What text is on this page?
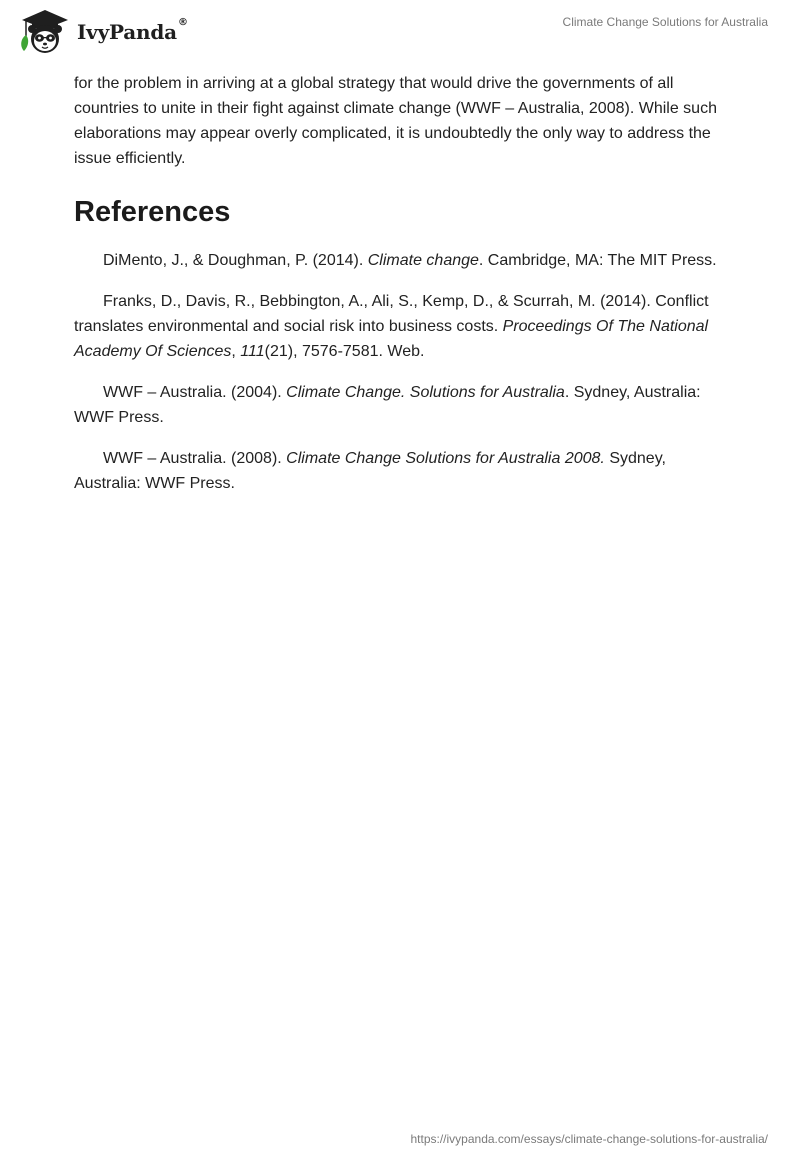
IvyPanda®	Climate Change Solutions for Australia

for the problem in arriving at a global strategy that would drive the governments of all countries to unite in their fight against climate change (WWF – Australia, 2008). While such elaborations may appear overly complicated, it is undoubtedly the only way to address the issue efficiently.

References

DiMento, J., & Doughman, P. (2014). Climate change. Cambridge, MA: The MIT Press.

Franks, D., Davis, R., Bebbington, A., Ali, S., Kemp, D., & Scurrah, M. (2014). Conflict translates environmental and social risk into business costs. Proceedings Of The National Academy Of Sciences, 111(21), 7576-7581. Web.

WWF – Australia. (2004). Climate Change. Solutions for Australia. Sydney, Australia: WWF Press.

WWF – Australia. (2008). Climate Change Solutions for Australia 2008. Sydney, Australia: WWF Press.

https://ivypanda.com/essays/climate-change-solutions-for-australia/
